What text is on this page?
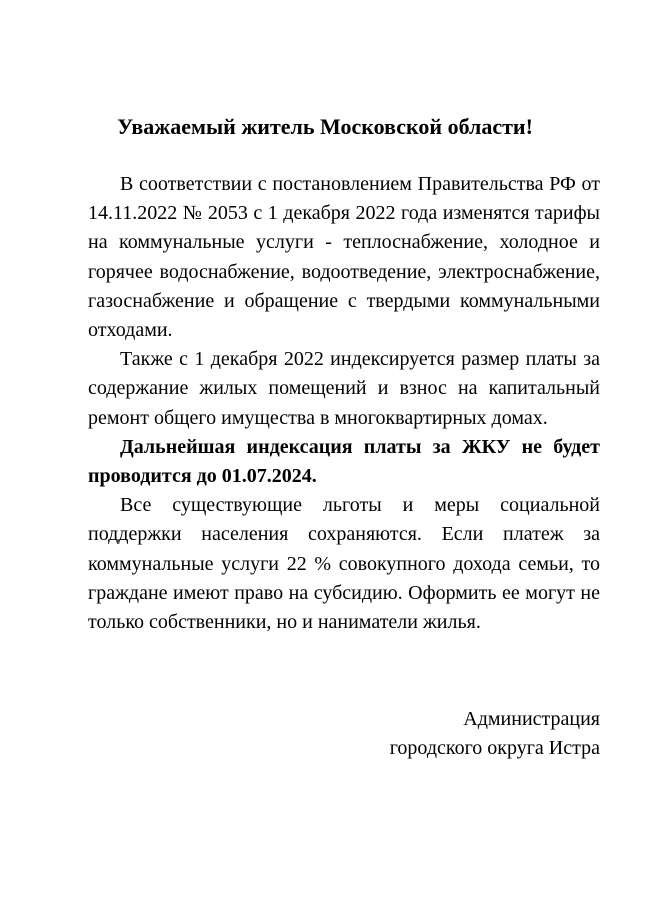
Уважаемый житель Московской области!

В соответствии с постановлением Правительства РФ от 14.11.2022 № 2053 с 1 декабря 2022 года изменятся тарифы на коммунальные услуги - теплоснабжение, холодное и горячее водоснабжение, водоотведение, электроснабжение, газоснабжение и обращение с твердыми коммунальными отходами.

Также с 1 декабря 2022 индексируется размер платы за содержание жилых помещений и взнос на капитальный ремонт общего имущества в многоквартирных домах.

Дальнейшая индексация платы за ЖКУ не будет проводится до 01.07.2024.

Все существующие льготы и меры социальной поддержки населения сохраняются. Если платеж за коммунальные услуги 22 % совокупного дохода семьи, то граждане имеют право на субсидию. Оформить ее могут не только собственники, но и наниматели жилья.

Администрация
городского округа Истра
